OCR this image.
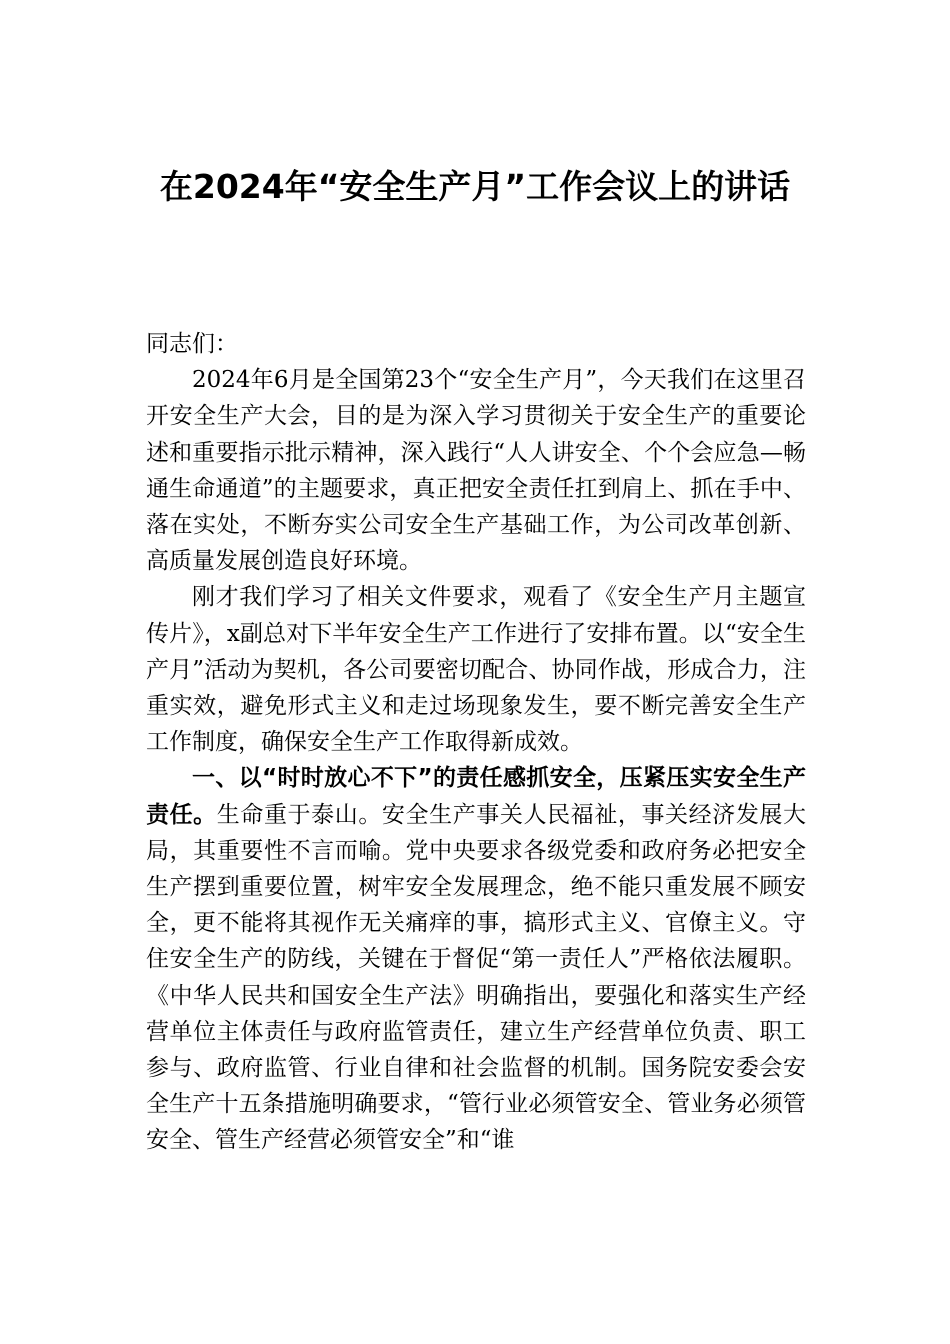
在2024年“安全生产月”工作会议上的讲话

同志们：

2024年6月是全国第23个“安全生产月”，今天我们在这里召开安全生产大会，目的是为深入学习贯彻关于安全生产的重要论述和重要指示批示精神，深入践行“人人讲安全、个个会应急—畅通生命通道”的主题要求，真正把安全责任扛到肩上、抓在手中、落在实处，不断夯实公司安全生产基础工作，为公司改革创新、高质量发展创造良好环境。

刚才我们学习了相关文件要求，观看了《安全生产月主题宣传片》，x副总对下半年安全生产工作进行了安排布置。以“安全生产月”活动为契机，各公司要密切配合、协同作战，形成合力，注重实效，避免形式主义和走过场现象发生，要不断完善安全生产工作制度，确保安全生产工作取得新成效。

一、以“时时放心不下”的责任感抓安全，压紧压实安全生产责任。生命重于泰山。安全生产事关人民福祉，事关经济发展大局，其重要性不言而喻。党中央要求各级党委和政府务必把安全生产摆到重要位置，树牢安全发展理念，绝不能只重发展不顾安全，更不能将其视作无关痛痒的事，搞形式主义、官僚主义。守住安全生产的防线，关键在于督促“第一责任人”严格依法履职。《中华人民共和国安全生产法》明确指出，要强化和落实生产经营单位主体责任与政府监管责任，建立生产经营单位负责、职工参与、政府监管、行业自律和社会监督的机制。国务院安委会安全生产十五条措施明确要求，“管行业必须管安全、管业务必须管安全、管生产经营必须管安全”和“谁
